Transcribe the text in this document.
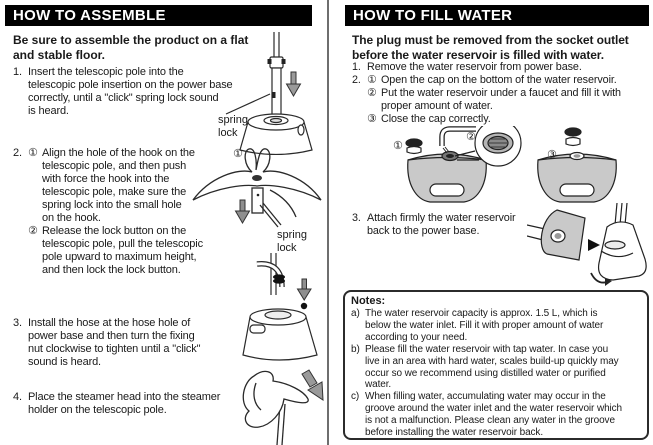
HOW TO ASSEMBLE
Be sure to assemble the product on a flat
and stable floor.
1. Insert the telescopic pole into the
telescopic pole insertion on the power base
correctly, until a "click" spring lock sound
is heard.
2. ① Align the hole of the hook on the
telescopic pole, and then push
with force the hook into the
telescopic pole, make sure the
spring lock into the small hole
on the hook.
② Release the lock button on the
telescopic pole, pull the telescopic
pole upward to maximum height,
and then lock the lock button.
3. Install the hose at the hose hole of
power base and then turn the fixing
nut clockwise to tighten until a "click"
sound is heard.
4. Place the steamer head into the steamer
holder on the telescopic pole.
spring
lock
①
spring
lock
HOW TO FILL WATER
The plug must be removed from the socket outlet
before the water reservoir is filled with water.
1. Remove the water reservoir from power base.
2. ① Open the cap on the bottom of the water reservoir.
② Put the water reservoir under a faucet and fill it with
proper amount of water.
③ Close the cap correctly.
①
②
③
3. Attach firmly the water reservoir
back to the power base.
Notes:
a) The water reservoir capacity is approx. 1.5 L, which is
below the water inlet. Fill it with proper amount of water
according to your need.
b) Please fill the water reservoir with tap water. In case you
live in an area with hard water, scales build-up quickly may
occur so we recommend using distilled water or purified
water.
c) When filling water, accumulating water may occur in the
groove around the water inlet and the water reservoir which
is not a malfunction. Please clean any water in the groove
before installing the water reservoir back.
